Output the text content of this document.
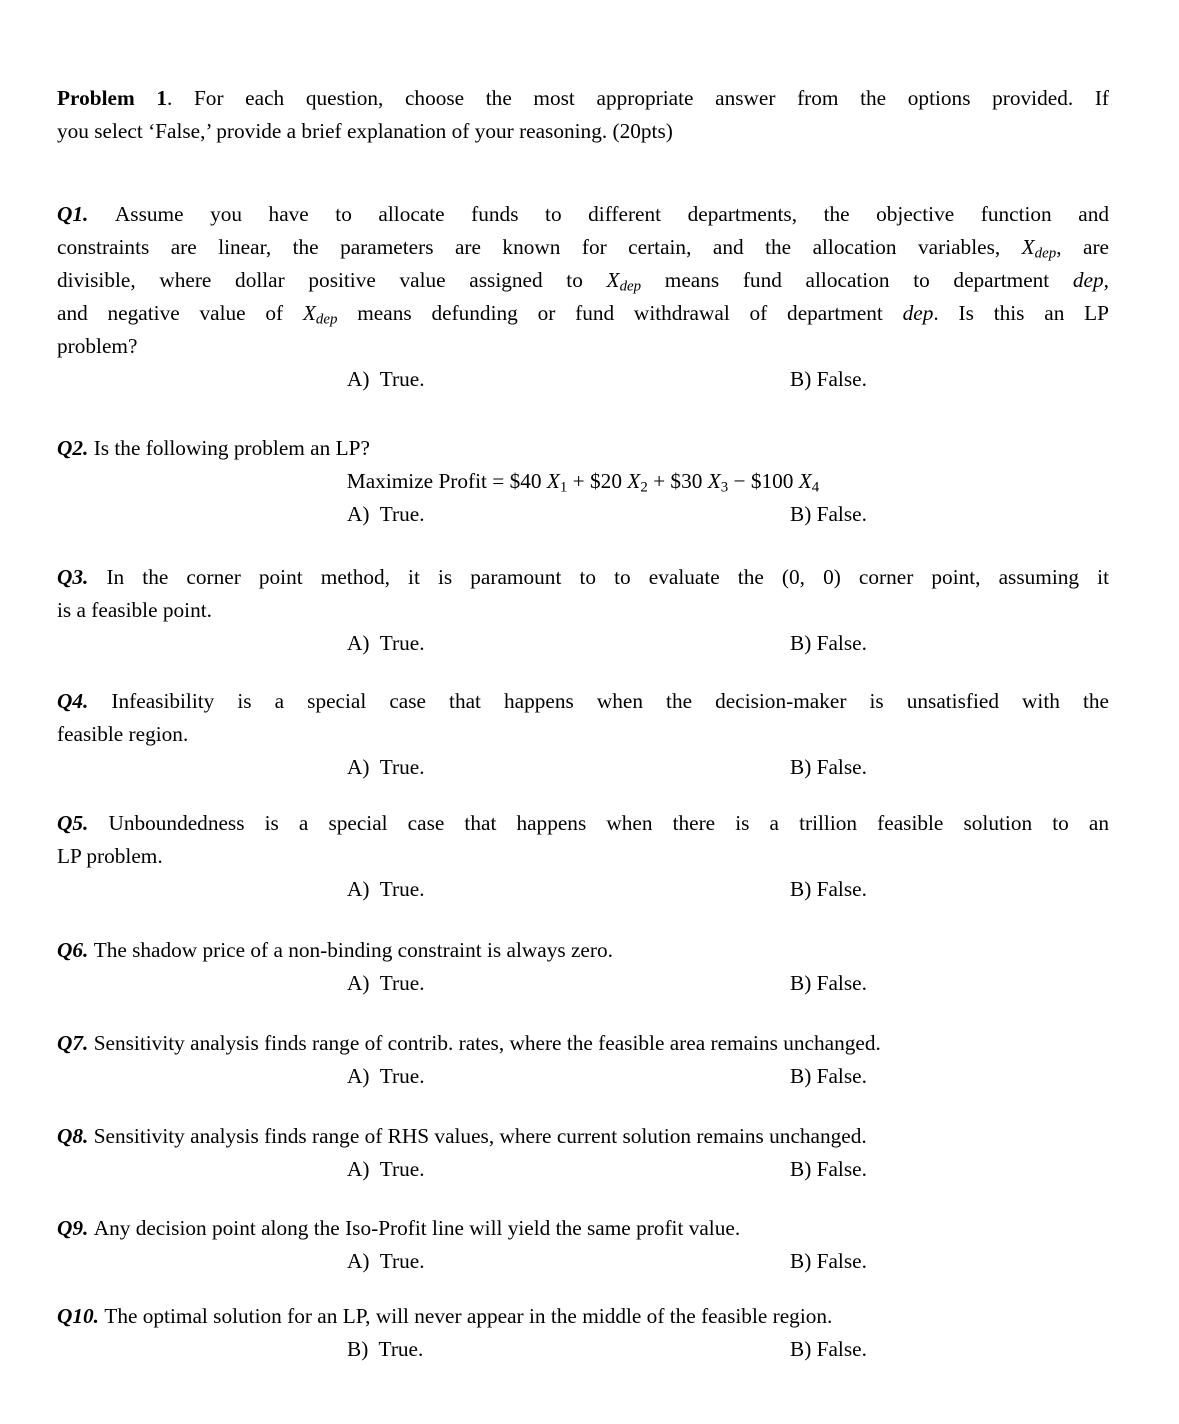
Problem 1. For each question, choose the most appropriate answer from the options provided. If
you select ‘False,’ provide a brief explanation of your reasoning. (20pts)
Q1. Assume you have to allocate funds to different departments, the objective function and
constraints are linear, the parameters are known for certain, and the allocation variables, $X_{dep}$, are
divisible, where dollar positive value assigned to $X_{dep}$ means fund allocation to department dep,
and negative value of $X_{dep}$ means defunding or fund withdrawal of department dep. Is this an LP
problem?
A)  True.	B) False.
Q2. Is the following problem an LP?
Maximize Profit = $40 $X_1$ + $20 $X_2$ + $30 $X_3$ − $100 $X_4$
A)  True.	B) False.
Q3. In the corner point method, it is paramount to to evaluate the (0, 0) corner point, assuming it
is a feasible point.
A)  True.	B) False.
Q4. Infeasibility is a special case that happens when the decision-maker is unsatisfied with the
feasible region.
A)  True.	B) False.
Q5. Unboundedness is a special case that happens when there is a trillion feasible solution to an
LP problem.
A)  True.	B) False.
Q6. The shadow price of a non-binding constraint is always zero.
A)  True.	B) False.
Q7. Sensitivity analysis finds range of contrib. rates, where the feasible area remains unchanged.
A)  True.	B) False.
Q8. Sensitivity analysis finds range of RHS values, where current solution remains unchanged.
A)  True.	B) False.
Q9. Any decision point along the Iso-Profit line will yield the same profit value.
A)  True.	B) False.
Q10. The optimal solution for an LP, will never appear in the middle of the feasible region.
B)  True.	B) False.
